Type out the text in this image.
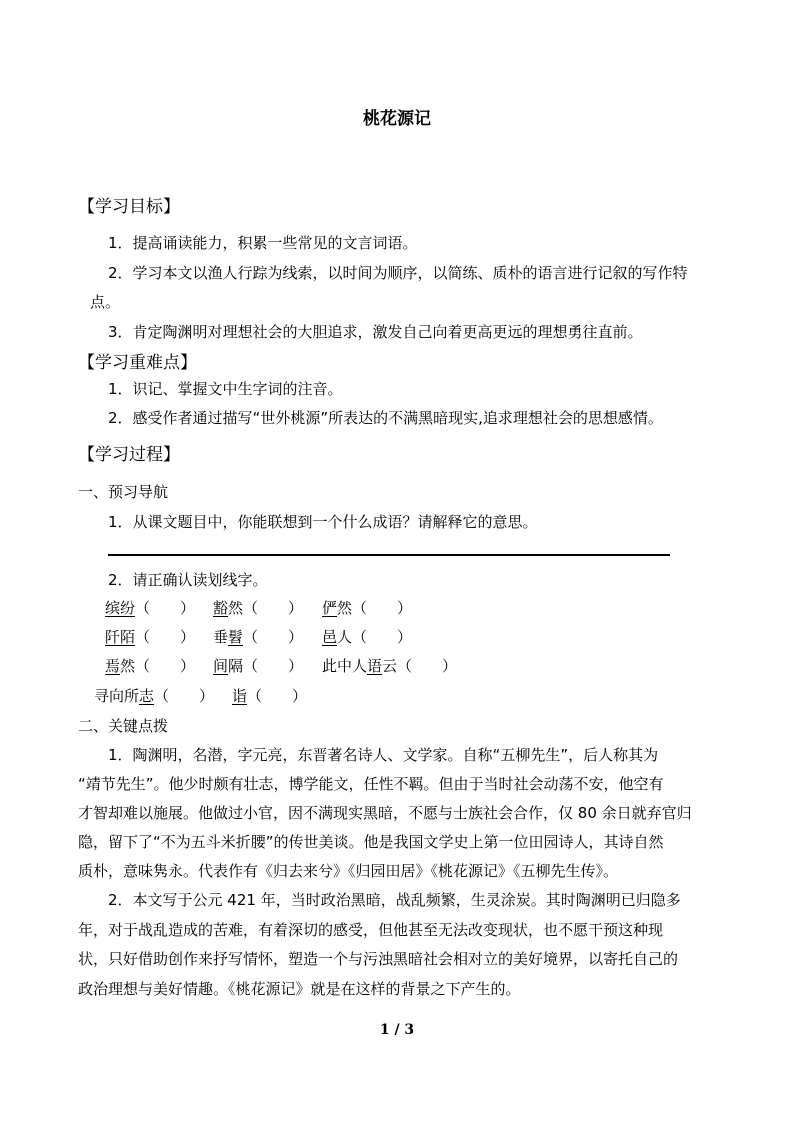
桃花源记
【学习目标】
1．提高诵读能力，积累一些常见的文言词语。
2．学习本文以渔人行踪为线索，以时间为顺序，以简练、质朴的语言进行记叙的写作特
点。
3．肯定陶渊明对理想社会的大胆追求，激发自己向着更高更远的理想勇往直前。
【学习重难点】
1．识记、掌握文中生字词的注音。
2．感受作者通过描写“世外桃源”所表达的不满黑暗现实,追求理想社会的思想感情。
【学习过程】
一、预习导航
1．从课文题目中，你能联想到一个什么成语？请解释它的意思。
2．请正确认读划线字。
缤纷（　　） 豁然（　　） 俨然（　　）
阡陌（　　） 垂髫（　　） 邑人（　　）
焉然（　　） 间隔（　　） 此中人语云（　　）
寻向所志（　　） 诣（　　）
二、关键点拨
1．陶渊明，名潜，字元亮，东晋著名诗人、文学家。自称“五柳先生”，后人称其为
“靖节先生”。他少时颇有壮志，博学能文，任性不羁。但由于当时社会动荡不安，他空有
才智却难以施展。他做过小官，因不满现实黑暗，不愿与士族社会合作，仅 80 余日就弃官归
隐，留下了“不为五斗米折腰”的传世美谈。他是我国文学史上第一位田园诗人，其诗自然
质朴，意味隽永。代表作有《归去来兮》《归园田居》《桃花源记》《五柳先生传》。
2．本文写于公元 421 年，当时政治黑暗，战乱频繁，生灵涂炭。其时陶渊明已归隐多
年，对于战乱造成的苦难，有着深切的感受，但他甚至无法改变现状，也不愿干预这种现
状，只好借助创作来抒写情怀，塑造一个与污浊黑暗社会相对立的美好境界，以寄托自己的
政治理想与美好情趣。《桃花源记》就是在这样的背景之下产生的。
1 / 3
